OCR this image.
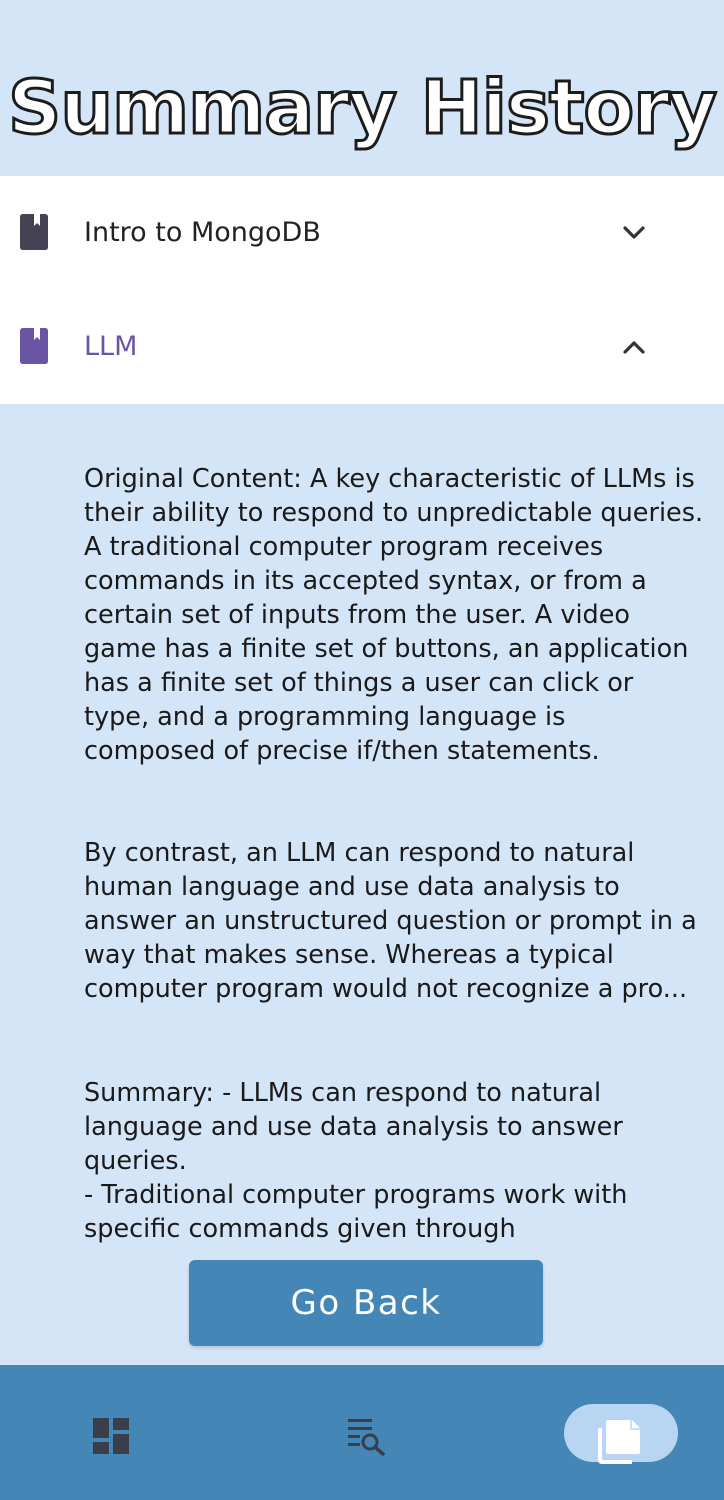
Summary History
Intro to MongoDB
LLM

Original Content: A key characteristic of LLMs is their ability to respond to unpredictable queries. A traditional computer program receives commands in its accepted syntax, or from a certain set of inputs from the user. A video game has a finite set of buttons, an application has a finite set of things a user can click or type, and a programming language is composed of precise if/then statements.

By contrast, an LLM can respond to natural human language and use data analysis to answer an unstructured question or prompt in a way that makes sense. Whereas a typical computer program would not recognize a pro...

Summary: - LLMs can respond to natural language and use data analysis to answer queries.
- Traditional computer programs work with specific commands given through

Go Back
